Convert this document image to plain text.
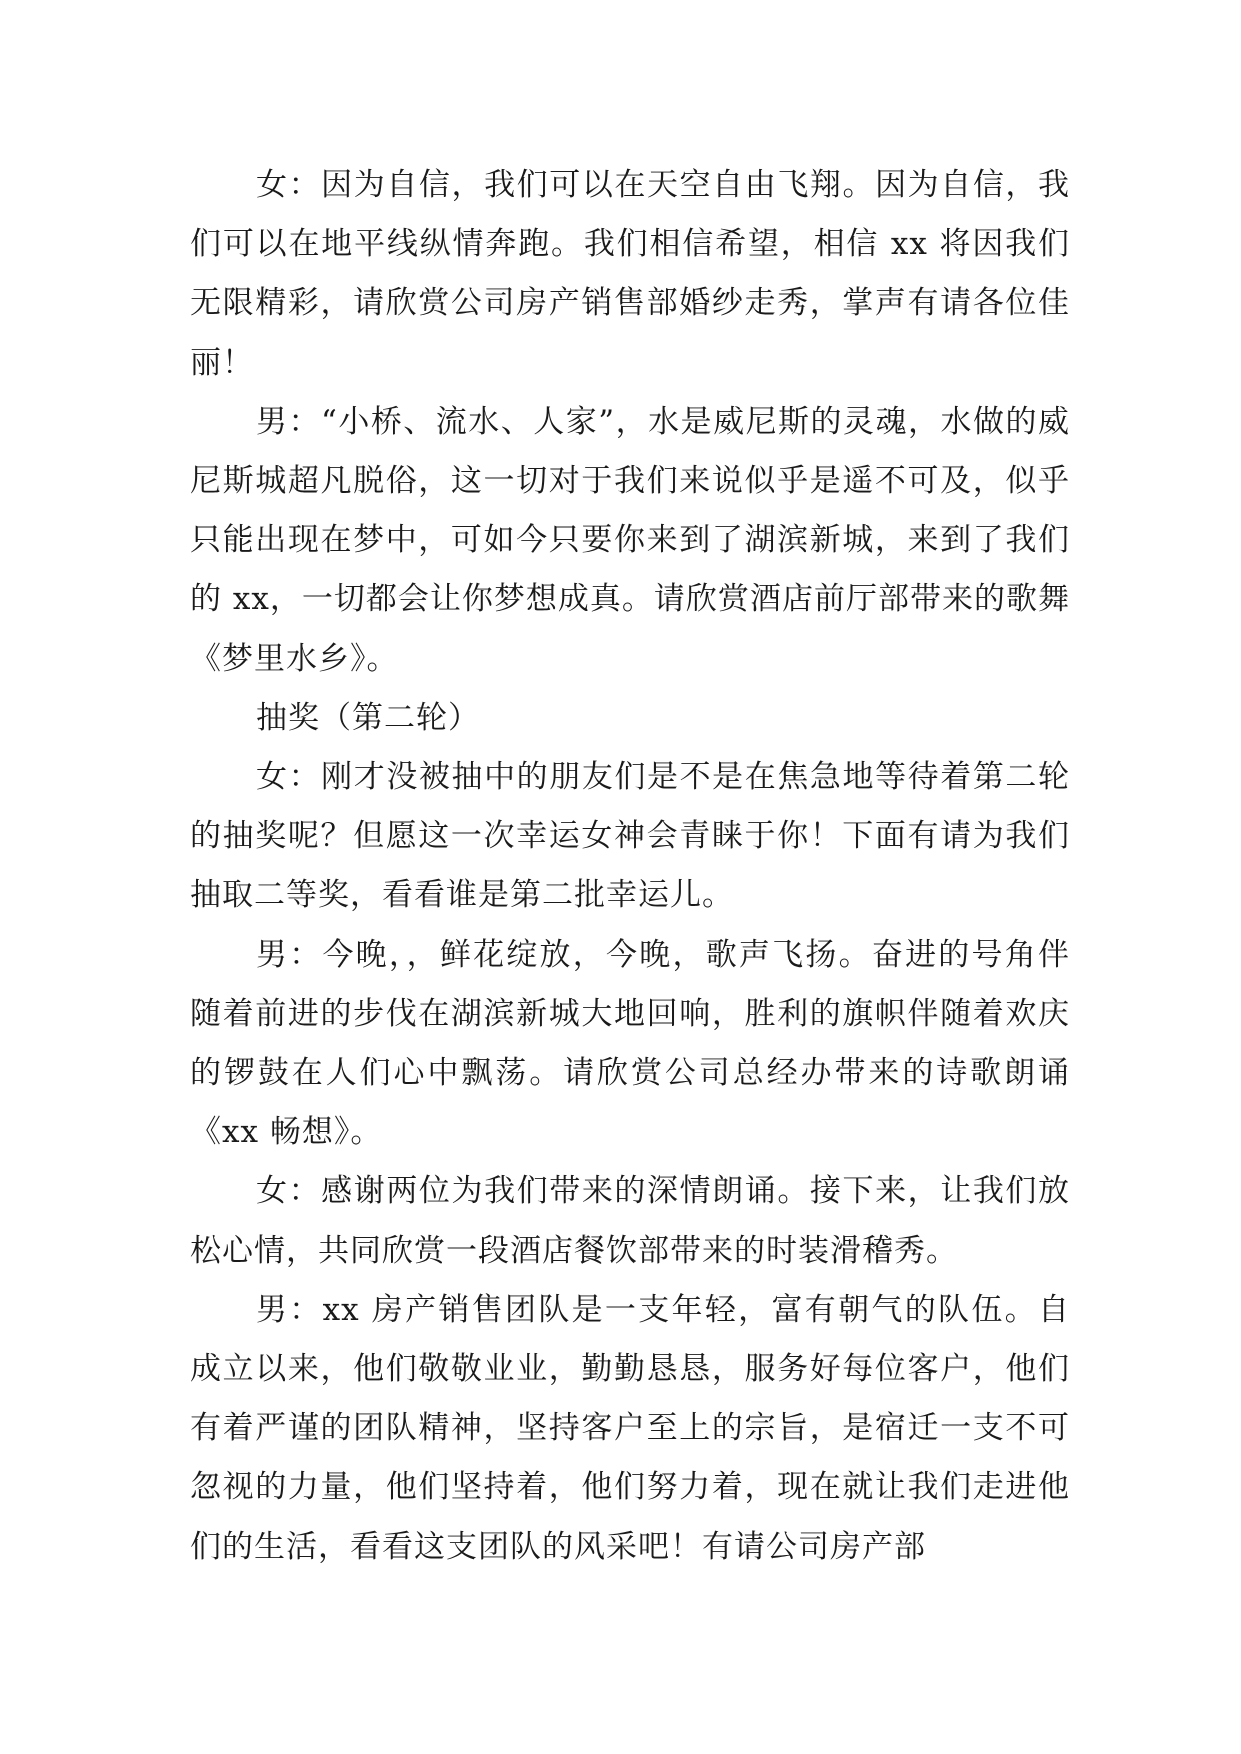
女：因为自信，我们可以在天空自由飞翔。因为自信，我们可以在地平线纵情奔跑。我们相信希望，相信 xx 将因我们无限精彩，请欣赏公司房产销售部婚纱走秀，掌声有请各位佳丽！

男：“小桥、流水、人家”，水是威尼斯的灵魂，水做的威尼斯城超凡脱俗，这一切对于我们来说似乎是遥不可及，似乎只能出现在梦中，可如今只要你来到了湖滨新城，来到了我们的 xx，一切都会让你梦想成真。请欣赏酒店前厅部带来的歌舞《梦里水乡》。

抽奖（第二轮）

女：刚才没被抽中的朋友们是不是在焦急地等待着第二轮的抽奖呢？但愿这一次幸运女神会青睐于你！下面有请为我们抽取二等奖，看看谁是第二批幸运儿。

男：今晚，，鲜花绽放，今晚，歌声飞扬。奋进的号角伴随着前进的步伐在湖滨新城大地回响，胜利的旗帜伴随着欢庆的锣鼓在人们心中飘荡。请欣赏公司总经办带来的诗歌朗诵《xx 畅想》。

女：感谢两位为我们带来的深情朗诵。接下来，让我们放松心情，共同欣赏一段酒店餐饮部带来的时装滑稽秀。

男：xx 房产销售团队是一支年轻，富有朝气的队伍。自成立以来，他们敬敬业业，勤勤恳恳，服务好每位客户，他们有着严谨的团队精神，坚持客户至上的宗旨，是宿迁一支不可忽视的力量，他们坚持着，他们努力着，现在就让我们走进他们的生活，看看这支团队的风采吧！有请公司房产部
